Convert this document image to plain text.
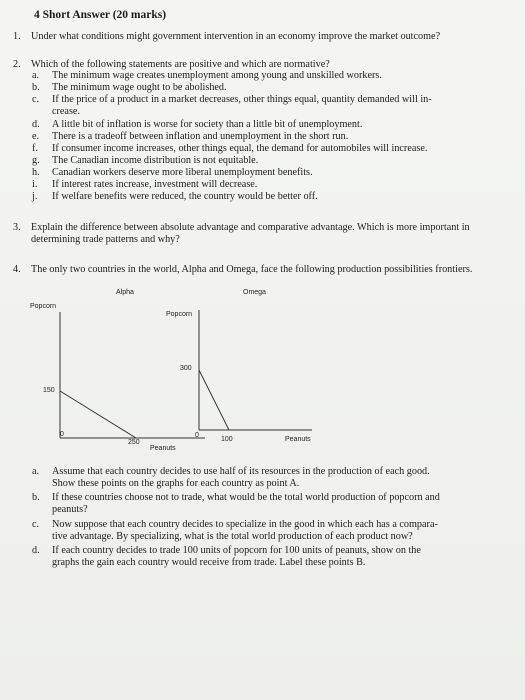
4 Short Answer (20 marks)
1. Under what conditions might government intervention in an economy improve the market outcome?
2. Which of the following statements are positive and which are normative?
a.	The minimum wage creates unemployment among young and unskilled workers.
b.	The minimum wage ought to be abolished.
c.	If the price of a product in a market decreases, other things equal, quantity demanded will in-
crease.
d.	A little bit of inflation is worse for society than a little bit of unemployment.
e.	There is a tradeoff between inflation and unemployment in the short run.
f.	If consumer income increases, other things equal, the demand for automobiles will increase.
g.	The Canadian income distribution is not equitable.
h.	Canadian workers deserve more liberal unemployment benefits.
i.	If interest rates increase, investment will decrease.
j.	If welfare benefits were reduced, the country would be better off.
3. Explain the difference between absolute advantage and comparative advantage. Which is more important in
determining trade patterns and why?
4. The only two countries in the world, Alpha and Omega, face the following production possibilities frontiers.
Alpha
Popcorn
150
0
250
Peanuts
Omega
Popcorn
300
0
100	Peanuts
a.	Assume that each country decides to use half of its resources in the production of each good.
Show these points on the graphs for each country as point A.
b.	If these countries choose not to trade, what would be the total world production of popcorn and
peanuts?
c.	Now suppose that each country decides to specialize in the good in which each has a compara-
tive advantage. By specializing, what is the total world production of each product now?
d.	If each country decides to trade 100 units of popcorn for 100 units of peanuts, show on the
graphs the gain each country would receive from trade. Label these points B.
